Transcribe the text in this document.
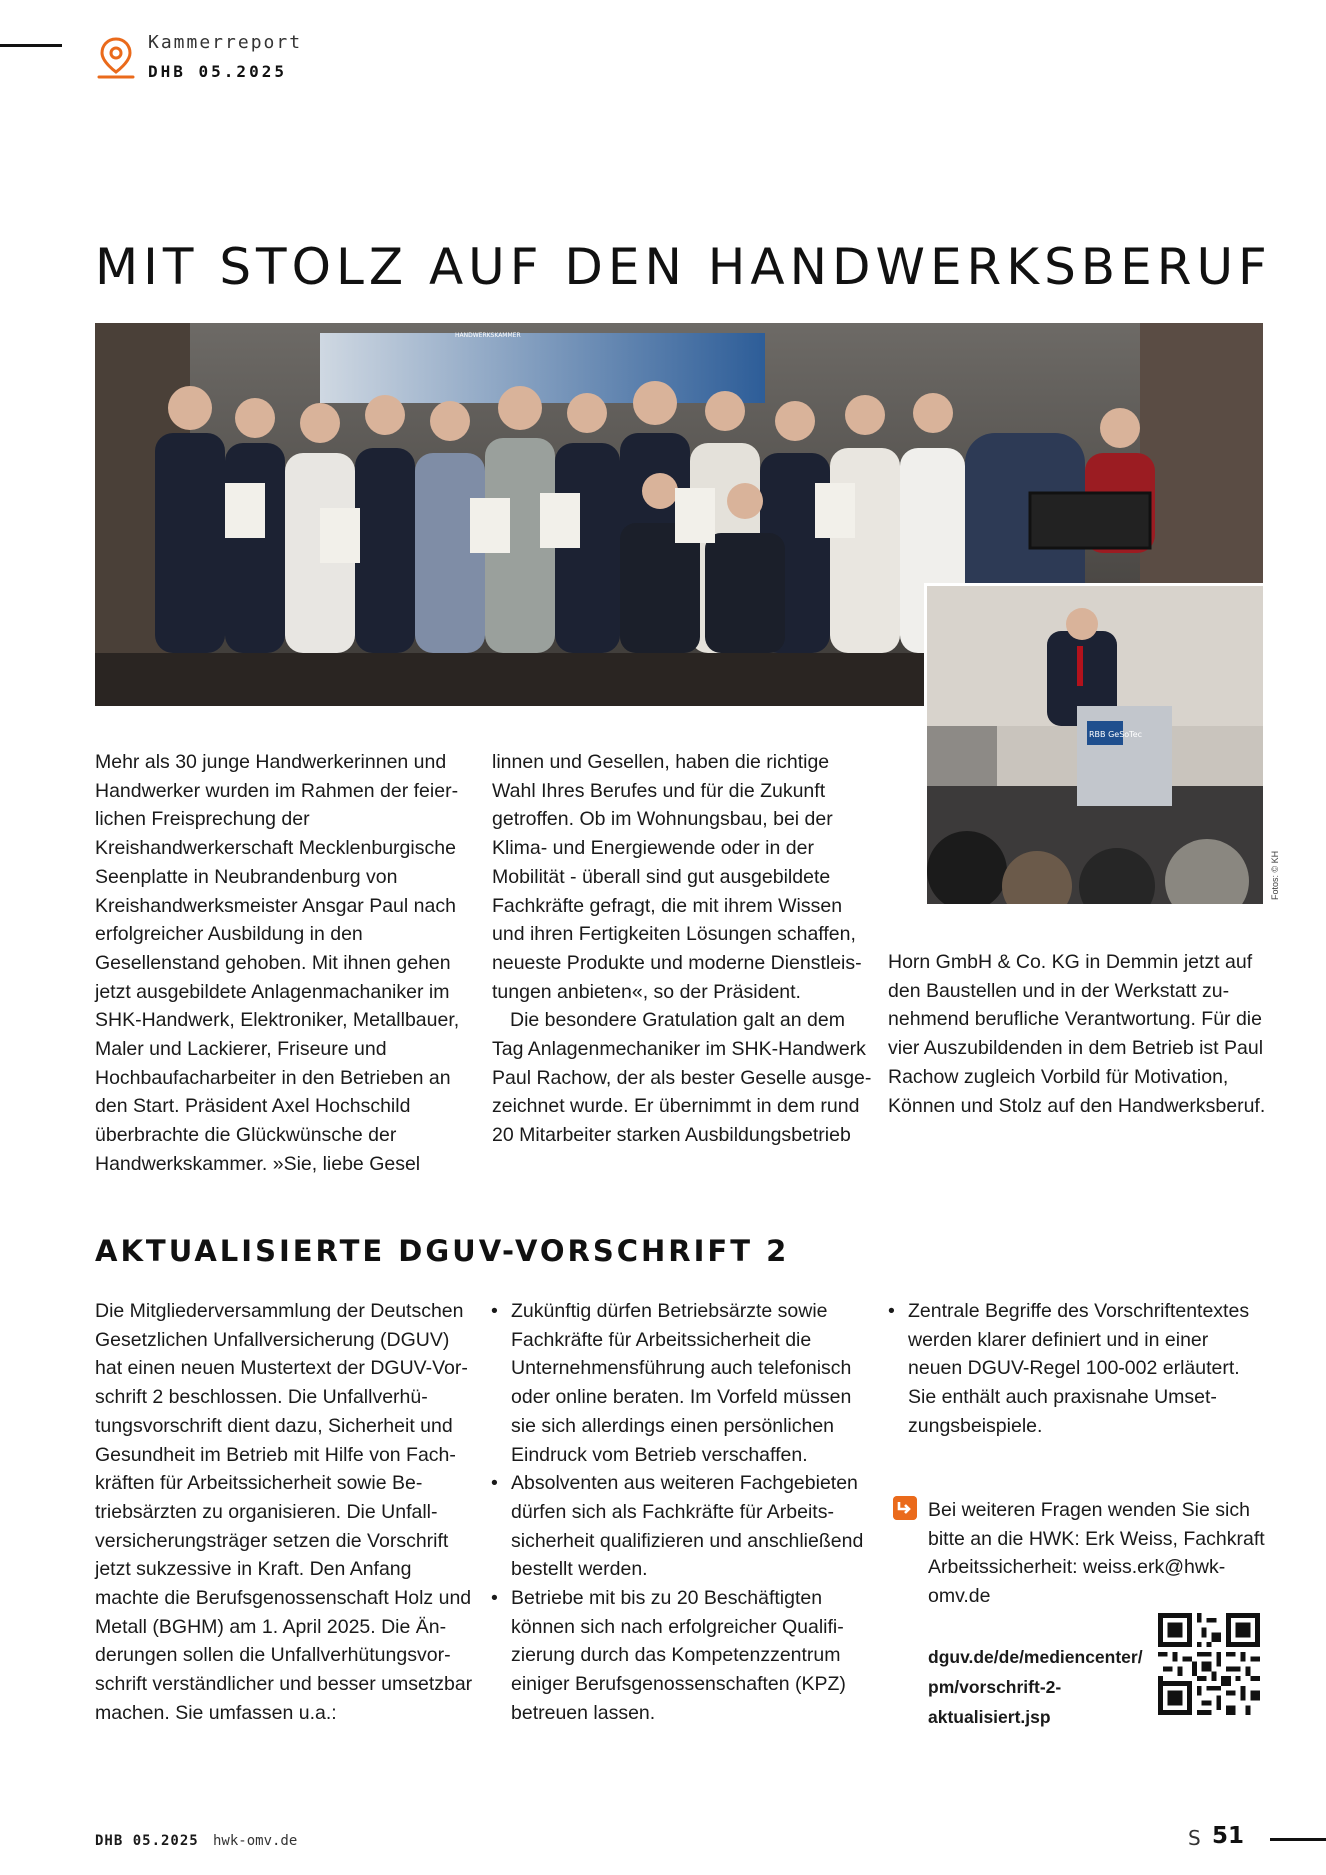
Kammerreport
DHB 05.2025
MIT STOLZ AUF DEN HANDWERKSBERUF
HANDWERKSKAMMER
RBB GeSoTec
Fotos: © KH

Mehr als 30 junge Handwerkerinnen und Handwerker wurden im Rahmen der feierlichen Freisprechung der Kreishandwerkerschaft Mecklenburgische Seenplatte in Neubrandenburg von Kreishandwerksmeister Ansgar Paul nach erfolgreicher Ausbildung in den Gesellenstand gehoben. Mit ihnen gehen jetzt ausgebildete Anlagenmachaniker im SHK-Handwerk, Elektroniker, Metallbauer, Maler und Lackierer, Friseure und Hochbaufacharbeiter in den Betrieben an den Start. Präsident Axel Hochschild überbrachte die Glückwünsche der Handwerkskammer. »Sie, liebe Gesel

linnen und Gesellen, haben die richtige Wahl Ihres Berufes und für die Zukunft getroffen. Ob im Wohnungsbau, bei der Klima- und Energiewende oder in der Mobilität - überall sind gut ausgebildete Fachkräfte gefragt, die mit ihrem Wissen und ihren Fertigkeiten Lösungen schaffen, neueste Produkte und moderne Dienstleistungen anbieten«, so der Präsident.

Die besondere Gratulation galt an dem Tag Anlagenmechaniker im SHK-Handwerk Paul Rachow, der als bester Geselle ausgezeichnet wurde. Er übernimmt in dem rund 20 Mitarbeiter starken Ausbildungsbetrieb

Horn GmbH & Co. KG in Demmin jetzt auf den Baustellen und in der Werkstatt zunehmend berufliche Verantwortung. Für die vier Auszubildenden in dem Betrieb ist Paul Rachow zugleich Vorbild für Motivation, Können und Stolz auf den Handwerksberuf.

AKTUALISIERTE DGUV-VORSCHRIFT 2

Die Mitgliederversammlung der Deutschen Gesetzlichen Unfallversicherung (DGUV) hat einen neuen Mustertext der DGUV-Vorschrift 2 beschlossen. Die Unfallverhütungsvorschrift dient dazu, Sicherheit und Gesundheit im Betrieb mit Hilfe von Fachkräften für Arbeitssicherheit sowie Betriebsärzten zu organisieren. Die Unfallversicherungsträger setzen die Vorschrift jetzt sukzessive in Kraft. Den Anfang machte die Berufsgenossenschaft Holz und Metall (BGHM) am 1. April 2025. Die Änderungen sollen die Unfallverhütungsvorschrift verständlicher und besser umsetzbar machen. Sie umfassen u.a.:

• Zukünftig dürfen Betriebsärzte sowie Fachkräfte für Arbeitssicherheit die Unternehmensführung auch telefonisch oder online beraten. Im Vorfeld müssen sie sich allerdings einen persönlichen Eindruck vom Betrieb verschaffen.
• Absolventen aus weiteren Fachgebieten dürfen sich als Fachkräfte für Arbeitssicherheit qualifizieren und anschließend bestellt werden.
• Betriebe mit bis zu 20 Beschäftigten können sich nach erfolgreicher Qualifizierung durch das Kompetenzzentrum einiger Berufsgenossenschaften (KPZ) betreuen lassen.
• Zentrale Begriffe des Vorschriftentextes werden klarer definiert und in einer neuen DGUV-Regel 100-002 erläutert. Sie enthält auch praxisnahe Umsetzungsbeispiele.
Bei weiteren Fragen wenden Sie sich bitte an die HWK: Erk Weiss, Fachkraft Arbeitssicherheit: weiss.erk@hwk-omv.de
dguv.de/de/mediencenter/
pm/vorschrift-2-
aktualisiert.jsp
DHB 05.2025 hwk-omv.de	S 51
